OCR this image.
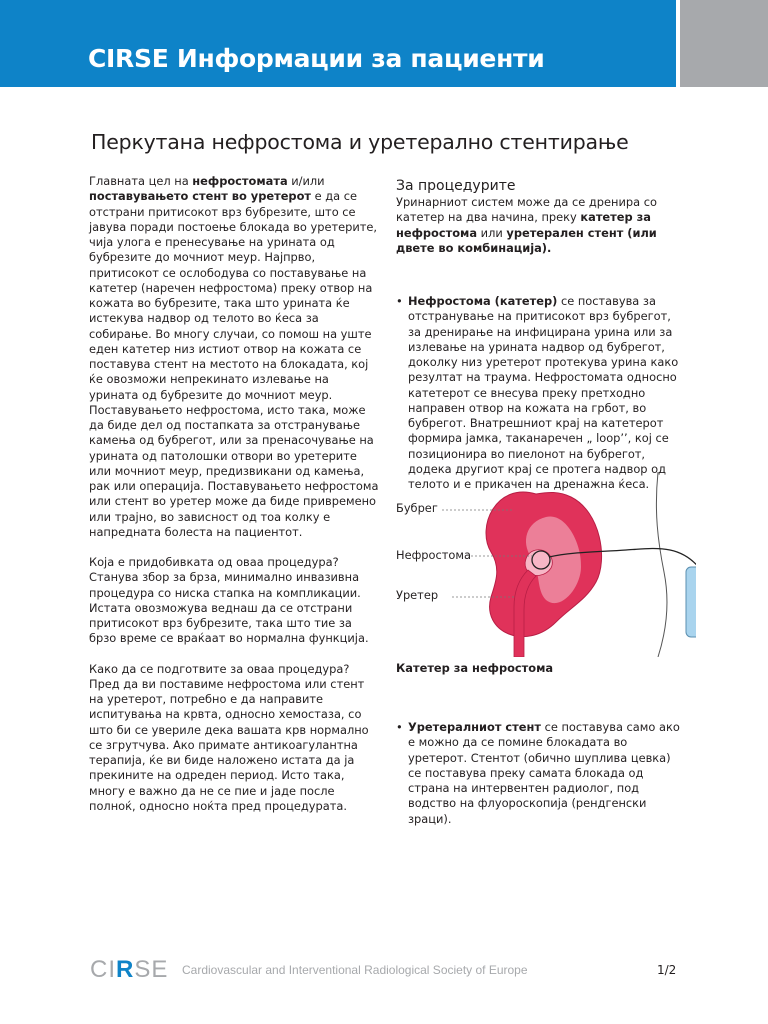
CIRSE Информации за пациенти
Перкутана нефростома и уретерално стентирање

Главната цел на нефростомата и/или поставувањето стент во уретерот е да се отстрани притисокот врз бубрезите, што се јавува поради постоење блокада во уретерите, чија улога е пренесување на урината од бубрезите до мочниот меур. Најпрво, притисокот се ослободува со поставување на катетер (наречен нефростома) преку отвор на кожата во бубрезите, така што урината ќе истекува надвор од телото во ќеса за собирање. Во многу случаи, со помош на уште еден катетер низ истиот отвор на кожата се поставува стент на местото на блокадата, кој ќе овозможи непрекинато излевање на урината од бубрезите до мочниот меур. Поставувањето нефростома, исто така, може да биде дел од постапката за отстранување камења од бубрегот, или за пренасочување на урината од патолошки отвори во уретерите или мочниот меур, предизвикани од камења, рак или операција. Поставувањето нефростома или стент во уретер може да биде привремено или трајно, во зависност од тоа колку е напредната болеста на пациентот.

Која е придобивката од оваа процедура?

Станува збор за брза, минимално инвазивна процедура со ниска стапка на компликации. Истата овозможува веднаш да се отстрани притисокот врз бубрезите, така што тие за брзо време се враќаат во нормална функција.

Како да се подготвите за оваа процедура?

Пред да ви поставиме нефростома или стент на уретерот, потребно е да направите испитувања на крвта, односно хемостаза, со што би се увериле дека вашата крв нормално се згрутчува. Ако примате антикоагулантна терапија, ќе ви биде наложено истата да ја прекините на одреден период. Исто така, многу е важно да не се пие и јаде после полноќ, односно ноќта пред процедурата.

За процедурите

Уринарниот систем може да се дренира со катетер на два начина, преку катетер за нефростома или уретерален стент (или двете во комбинација).

• Нефростома (катетер) се поставува за отстранување на притисокот врз бубрегот, за дренирање на инфицирана урина или за излевање на урината надвор од бубрегот, доколку низ уретерот протекува урина како резултат на траума. Нефростомата односно катетерот се внесува преку претходно направен отвор на кожата на грбот, во бубрегот. Внатрешниот крај на катетерот формира јамка, таканаречен „ loop’’, кој се позиционира во пиелонот на бубрегот, додека другиот крај се протега надвор од телото и е прикачен на дренажна ќеса.

Бубрег
Нефростома
Уретер
Катетер за нефростома
• Уретералниот стент се поставува само ако е можно да се помине блокадата во уретерот. Стентот (обично шуплива цевка) се поставува преку самата блокада од страна на интервентен радиолог, под водство на флуороскопија (рендгенски зраци).

CIRSE Cardiovascular and Interventional Radiological Society of Europe	1/2
